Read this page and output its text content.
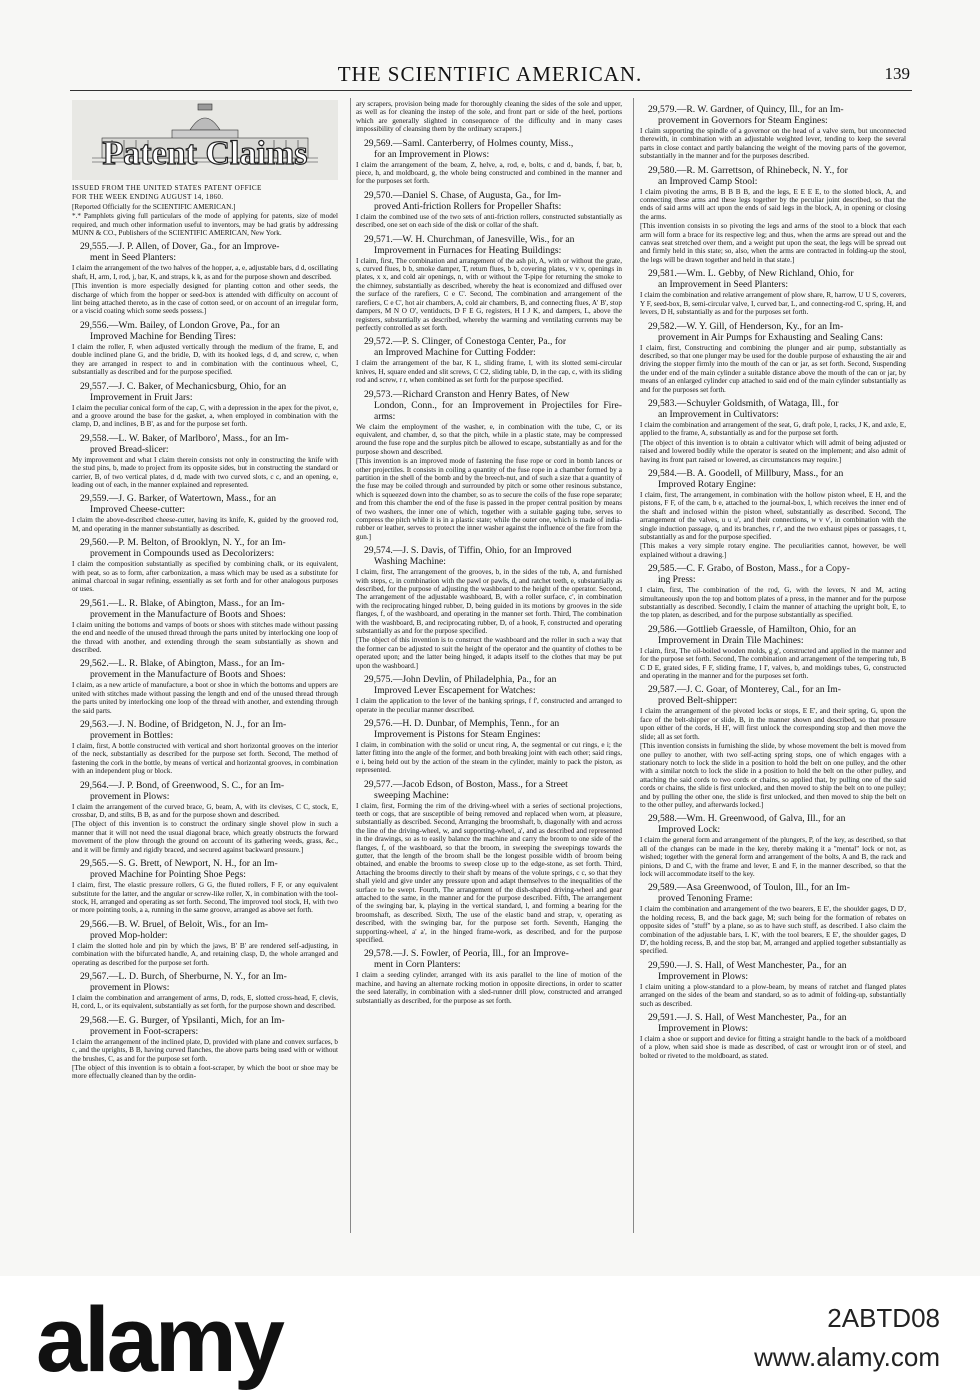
THE SCIENTIFIC AMERICAN.	139
Patent Claims

ISSUED FROM THE UNITED STATES PATENT OFFICE

FOR THE WEEK ENDING AUGUST 14, 1860.

[Reported Officially for the SCIENTIFIC AMERICAN.]

*.* Pamphlets giving full particulars of the mode of applying for patents, size of model required, and much other information useful to inventors, may be had gratis by addressing MUNN & CO., Publishers of the SCIENTIFIC AMERICAN, New York.

29,555.—J. P. Allen, of Dover, Ga., for an Improve-

ment in Seed Planters:

I claim the arrangement of the two halves of the hopper, a, e, adjustable bars, d d, oscillating shaft, H, arm, I, rod, j, bar, K, and straps, k k, as and for the purpose shown and described.

[This invention is more especially designed for planting cotton and other seeds, the discharge of which from the hopper or seed-box is attended with difficulty on account of lint being attached thereto, as in the case of cotton seed, or on account of an irregular form, or a viscid coating which some seeds possess.]

29,556.—Wm. Bailey, of London Grove, Pa., for an

Improved Machine for Bending Tires:

I claim the roller, F, when adjusted vertically through the medium of the frame, E, and double inclined plane G, and the bridle, D, with its hooked legs, d d, and screw, c, when they are arranged in respect to and in combination with the continuous wheel, C, substantially as described and for the purpose specified.

29,557.—J. C. Baker, of Mechanicsburg, Ohio, for an

Improvement in Fruit Jars:

I claim the peculiar conical form of the cap, C, with a depression in the apex for the pivot, e, and a groove around the base for the gasket, a, when employed in combination with the clamp, D, and inclines, B B', as and for the purpose set forth.

29,558.—L. W. Baker, of Marlboro', Mass., for an Im-

proved Bread-slicer:

My improvement and what I claim therein consists not only in constructing the knife with the stud pins, b, made to project from its opposite sides, but in constructing the standard or carrier, B, of two vertical plates, d d, made with two curved slots, c c, and an opening, e, leading out of each, in the manner explained and represented.

29,559.—J. G. Barker, of Watertown, Mass., for an

Improved Cheese-cutter:

I claim the above-described cheese-cutter, having its knife, K, guided by the grooved rod, M, and operating in the manner substantially as described.

29,560.—P. M. Belton, of Brooklyn, N. Y., for an Im-

provement in Compounds used as Decolorizers:

I claim the composition substantially as specified by combining chalk, or its equivalent, with peat, so as to form, after carbonization, a mass which may be used as a substitute for animal charcoal in sugar refining, essentially as set forth and for other analogous purposes or uses.

29,561.—L. R. Blake, of Abington, Mass., for an Im-

provement in the Manufacture of Boots and Shoes:

I claim uniting the bottoms and vamps of boots or shoes with stitches made without passing the end and needle of the unused thread through the parts united by interlocking one loop of the thread with another, and extending through the seam substantially as shown and described.

29,562.—L. R. Blake, of Abington, Mass., for an Im-

provement in the Manufacture of Boots and Shoes:

I claim, as a new article of manufacture, a boot or shoe in which the bottoms and uppers are united with stitches made without passing the length and end of the unused thread through the parts united by interlocking one loop of the thread with another, and extending through the said parts.

29,563.—J. N. Bodine, of Bridgeton, N. J., for an Im-

provement in Bottles:

I claim, first, A bottle constructed with vertical and short horizontal grooves on the interior of the neck, substantially as described for the purpose set forth. Second, The method of fastening the cork in the bottle, by means of vertical and horizontal grooves, in combination with an independent plug or block.

29,564.—J. P. Bond, of Greenwood, S. C., for an Im-

provement in Plows:

I claim the arrangement of the curved brace, G, beam, A, with its clevises, C C, stock, E, crossbar, D, and stilts, B B, as and for the purpose shown and described.

[The object of this invention is to construct the ordinary single shovel plow in such a manner that it will not need the usual diagonal brace, which greatly obstructs the forward movement of the plow through the ground on account of its gathering weeds, grass, &c., and it will be firmly and rigidly braced, and secured against backward pressure.]

29,565.—S. G. Brett, of Newport, N. H., for an Im-

proved Machine for Pointing Shoe Pegs:

I claim, first, The elastic pressure rollers, G G, the fluted rollers, F F, or any equivalent substitute for the latter, and the angular or screw-like roller, X, in combination with the tool-stock, H, arranged and operating as set forth. Second, The improved tool stock, H, with two or more pointing tools, a a, running in the same groove, arranged as above set forth.

29,566.—B. W. Bruel, of Beloit, Wis., for an Im-

proved Mop-holder:

I claim the slotted hole and pin by which the jaws, B' B' are rendered self-adjusting, in combination with the bifurcated handle, A, and retaining clasp, D, the whole arranged and operating as described for the purpose set forth.

29,567.—L. D. Burch, of Sherburne, N. Y., for an Im-

provement in Plows:

I claim the combination and arrangement of arms, D, rods, E, slotted cross-head, F, clevis, H, cord, L, or its equivalent, substantially as set forth, for the purpose shown and described.

29,568.—E. G. Burger, of Ypsilanti, Mich, for an Im-

provement in Foot-scrapers:

I claim the arrangement of the inclined plate, D, provided with plane and convex surfaces, b c, and the uprights, B B, having curved flanches, the above parts being used with or without the brushes, C, as and for the purpose set forth.

[The object of this invention is to obtain a foot-scraper, by which the boot or shoe may be more effectually cleaned than by the ordin-

ary scrapers, provision being made for thoroughly cleaning the sides of the sole and upper, as well as for cleaning the instep of the sole, and front part or side of the heel, portions which are generally slighted in consequence of the difficulty and in many cases impossibility of cleansing them by the ordinary scrapers.]

29,569.—Saml. Canterberry, of Holmes county, Miss.,

for an Improvement in Plows:

I claim the arrangement of the beam, Z, helve, a, rod, e, bolts, c and d, bands, f, bar, b, piece, h, and moldboard, g, the whole being constructed and combined in the manner and for the purposes set forth.

29,570.—Daniel S. Chase, of Augusta, Ga., for Im-

proved Anti-friction Rollers for Propeller Shafts:

I claim the combined use of the two sets of anti-friction rollers, constructed substantially as described, one set on each side of the disk or collar of the shaft.

29,571.—W. H. Churchman, of Janesville, Wis., for an

Improvement in Furnaces for Heating Buildings:

I claim, first, The combination and arrangement of the ash pit, A, with or without the grate, s, curved flues, b b, smoke damper, T, return flues, b b, covering plates, v v v, openings in plates, x x, and cold air openings, n, with or without the T-pipe for returning the smoke to the chimney, substantially as described, whereby the heat is economized and diffused over the surface of the rarefiers, C e C'. Second, The combination and arrangement of the rarefiers, C e C', hot air chambers, A, cold air chambers, B, and connecting flues, A' B', stop dampers, M N O O', ventiducts, D F E G, registers, H I J K, and dampers, L, above the registers, substantially as described, whereby the warming and ventilating currents may be perfectly controlled as set forth.

29,572.—P. S. Clinger, of Conestoga Center, Pa., for

an Improved Machine for Cutting Fodder:

I claim the arrangement of the bar, K L, sliding frame, I, with its slotted semi-circular knives, H, square ended and slit screws, C C2, sliding table, D, in the cap, c, with its sliding rod and screw, r r, when combined as set forth for the purpose specified.

29,573.—Richard Cranston and Henry Bates, of New

London, Conn., for an Improvement in Projectiles for Fire-arms:

We claim the employment of the washer, e, in combination with the tube, C, or its equivalent, and chamber, d, so that the pitch, while in a plastic state, may be compressed around the fuse rope and the surplus pitch be allowed to escape, substantially as and for the purpose shown and described.

[This invention is an improved mode of fastening the fuse rope or cord in bomb lances or other projectiles. It consists in coiling a quantity of the fuse rope in a chamber formed by a partition in the shell of the bomb and by the breech-nut, and of such a size that a quantity of the fuse may be coiled through and surrounded by pitch or some other resinous substance, which is squeezed down into the chamber, so as to secure the coils of the fuse rope separate; and from this chamber the end of the fuse is passed in the proper central position by means of two washers, the inner one of which, together with a suitable gaging tube, serves to compress the pitch while it is in a plastic state; while the outer one, which is made of india-rubber or leather, serves to protect the inner washer against the influence of the fire from the gun.]

29,574.—J. S. Davis, of Tiffin, Ohio, for an Improved

Washing Machine:

I claim, first, The arrangement of the grooves, b, in the sides of the tub, A, and furnished with steps, c, in combination with the pawl or pawls, d, and ratchet teeth, e, substantially as described, for the purpose of adjusting the washboard to the height of the operator. Second, The arrangement of the adjustable washboard, B, with a roller surface, c', in combination with the reciprocating hinged rubber, D, being guided in its motions by grooves in the side flanges, f, of the washboard, and operating in the manner set forth. Third, The combination with the washboard, B, and reciprocating rubber, D, of a hook, F, constructed and operating substantially as and for the purpose specified.

[The object of this invention is to construct the washboard and the roller in such a way that the former can be adjusted to suit the height of the operator and the quantity of clothes to be operated upon; and the latter being hinged, it adapts itself to the clothes that may be put upon the washboard.]

29,575.—John Devlin, of Philadelphia, Pa., for an

Improved Lever Escapement for Watches:

I claim the application to the lever of the banking springs, f f', constructed and arranged to operate in the peculiar manner described.

29,576.—H. D. Dunbar, of Memphis, Tenn., for an

Improvement is Pistons for Steam Engines:

I claim, in combination with the solid or uncut ring, A, the segmental or cut rings, e i; the latter fitting into the angle of the former, and both breaking joint with each other; said rings, e i, being held out by the action of the steam in the cylinder, mainly to pack the piston, as represented.

29,577.—Jacob Edson, of Boston, Mass., for a Street

sweeping Machine:

I claim, first, Forming the rim of the driving-wheel with a series of sectional projections, teeth or cogs, that are susceptible of being removed and replaced when worn, at pleasure, substantially as described. Second, Arranging the broomshaft, b, diagonally with and across the line of the driving-wheel, w, and supporting-wheel, a', and as described and represented in the drawings, so as to easily balance the machine and carry the broom to one side of the flanges, f, of the washboard, so that the broom, in sweeping the sweepings towards the gutter, that the length of the broom shall be the longest possible width of broom being obtained, and enable the brooms to sweep close up to the edge-stone, as set forth. Third, Attaching the brooms directly to their shaft by means of the volute springs, c c, so that they shall yield and give under any pressure upon and adapt themselves to the inequalities of the surface to be swept. Fourth, The arrangement of the dish-shaped driving-wheel and gear attached to the same, in the manner and for the purpose described. Fifth, The arrangement of the swinging bar, k, playing in the vertical standard, l, and forming a bearing for the broomshaft, as described. Sixth, The use of the elastic band and strap, v, operating as described, with the swinging bar, for the purpose set forth. Seventh, Hanging the supporting-wheel, a' a', in the hinged frame-work, as described, and for the purpose specified.

29,578.—J. S. Fowler, of Peoria, Ill., for an Improve-

ment in Corn Planters:

I claim a seeding cylinder, arranged with its axis parallel to the line of motion of the machine, and having an alternate rocking motion in opposite directions, in order to scatter the seed laterally, in combination with a sled-runner drill plow, constructed and arranged substantially as described, for the purpose as set forth.

29,579.—R. W. Gardner, of Quincy, Ill., for an Im-

provement in Governors for Steam Engines:

I claim supporting the spindle of a governor on the head of a valve stem, but unconnected therewith, in combination with an adjustable weighted lever, tending to keep the several parts in close contact and partly balancing the weight of the moving parts of the governor, substantially in the manner and for the purposes described.

29,580.—R. M. Garrettson, of Rhinebeck, N. Y., for

an Improved Camp Stool:

I claim pivoting the arms, B B B B, and the legs, E E E E, to the slotted block, A, and connecting these arms and these legs together by the peculiar joint described, so that the ends of said arms will act upon the ends of said legs in the block, A, in opening or closing the arms.

[This invention consists in so pivoting the legs and arms of the stool to a block that each arm will form a brace for its respective leg; and thus, when the arms are spread out and the canvas seat stretched over them, and a weight put upon the seat, the legs will be spread out and firmly held in this state; so, also, when the arms are contracted in folding-up the stool, the legs will be drawn together and held in that state.]

29,581.—Wm. L. Gebby, of New Richland, Ohio, for

an Improvement in Seed Planters:

I claim the combination and relative arrangement of plow share, R, harrow, U U S, coverers, Y F, seed-box, B, semi-circular valve, I, curved bar, L, and connecting-rod C, spring, H, and levers, D H, substantially as and for the purposes set forth.

29,582.—W. Y. Gill, of Henderson, Ky., for an Im-

provement in Air Pumps for Exhausting and Sealing Cans:

I claim, first, Constructing and combining the plunger and air pump, substantially as described, so that one plunger may be used for the double purpose of exhausting the air and driving the stopper firmly into the mouth of the can or jar, as set forth. Second, Suspending the under end of the main cylinder a suitable distance above the mouth of the can or jar, by means of an enlarged cylinder cup attached to said end of the main cylinder substantially as and for the purposes set forth.

29,583.—Schuyler Goldsmith, of Wataga, Ill., for

an Improvement in Cultivators:

I claim the combination and arrangement of the seat, G, draft pole, I, racks, J K, and axle, E, applied to the frame, A, substantially as and for the purpose set forth.

[The object of this invention is to obtain a cultivator which will admit of being adjusted or raised and lowered bodily while the operator is seated on the implement; and also admit of having its front part raised or lowered, as circumstances may require.]

29,584.—B. A. Goodell, of Millbury, Mass., for an

Improved Rotary Engine:

I claim, first, The arrangement, in combination with the hollow piston wheel, E H, and the pistons, F F, of the cam, b e, attached to the journal-box, I, which receives the inner end of the shaft and inclosed within the piston wheel, substantially as described. Second, The arrangement of the valves, u u u', and their connections, w v v', in combination with the single induction passage, q, and its branches, r r', and the two exhaust pipes or passages, t t, substantially as and for the purpose specified.

[This makes a very simple rotary engine. The peculiarities cannot, however, be well explained without a drawing.]

29,585.—C. F. Grabo, of Boston, Mass., for a Copy-

ing Press:

I claim, first, The combination of the rod, G, with the levers, N and M, acting simultaneously upon the top and bottom plates of a press, in the manner and for the purpose substantially as described. Secondly, I claim the manner of attaching the upright bolt, E, to the top platen, as described, and for the purpose substantially as specified.

29,586.—Gottlieb Graessle, of Hamilton, Ohio, for an

Improvement in Drain Tile Machines:

I claim, first, The oil-boiled wooden molds, g g', constructed and applied in the manner and for the purpose set forth. Second, The combination and arrangement of the tempering tub, B C D E, grated sides, F F, sliding frame, I I', valves, b, and moldings tubes, G, constructed and operating in the manner and for the purposes set forth.

29,587.—J. C. Goar, of Monterey, Cal., for an Im-

proved Belt-shipper:

I claim the arrangement of the pivoted locks or stops, E E', and their spring, G, upon the face of the belt-shipper or slide, B, in the manner shown and described, so that pressure upon either of the cords, H H', will first unlock the corresponding stop and then move the slide; all as set forth.

[This invention consists in furnishing the slide, by whose movement the belt is moved from one pulley to another, with two self-acting spring stops, one of which engages with a stationary notch to lock the slide in a position to hold the belt on one pulley, and the other with a similar notch to lock the slide in a position to hold the belt on the other pulley, and attaching the said cords to two cords or chains, so applied that, by pulling one of the said cords or chains, the slide is first unlocked, and then moved to ship the belt on to one pulley; and by pulling the other one, the slide is first unlocked, and then moved to ship the belt on to the other pulley, and afterwards locked.]

29,588.—Wm. H. Greenwood, of Galva, Ill., for an

Improved Lock:

I claim the general form and arrangement of the plungers, P, of the key, as described, so that all of the changes can be made in the key, thereby making it a "mental" lock or not, as wished; together with the general form and arrangement of the bolts, A and B, the rack and pinions, D and C, with the frame and lever, E and F, in the manner described, so that the lock will accommodate itself to the key.

29,589.—Asa Greenwood, of Toulon, Ill., for an Im-

proved Tenoning Frame:

I claim the combination and arrangement of the two bearers, E E', the shoulder gages, D D', the holding recess, B, and the back gage, M; such being for the formation of rebates on opposite sides of "stuff" by a plane, so as to have such stuff, as described. I also claim the combination of the adjustable bars, L K', with the tool bearers, E E', the shoulder gages, D D', the holding recess, B, and the stop bar, M, arranged and applied together substantially as specified.

29,590.—J. S. Hall, of West Manchester, Pa., for an

Improvement in Plows:

I claim uniting a plow-standard to a plow-beam, by means of ratchet and flanged plates arranged on the sides of the beam and standard, so as to admit of folding-up, substantially such as described.

29,591.—J. S. Hall, of West Manchester, Pa., for an

Improvement in Plows:

I claim a shoe or support and device for fitting a straight handle to the back of a moldboard of a plow, when said shoe is made as described, of cast or wrought iron or of steel, and bolted or riveted to the moldboard, as stated.

alamy	2ABTD08
www.alamy.com
